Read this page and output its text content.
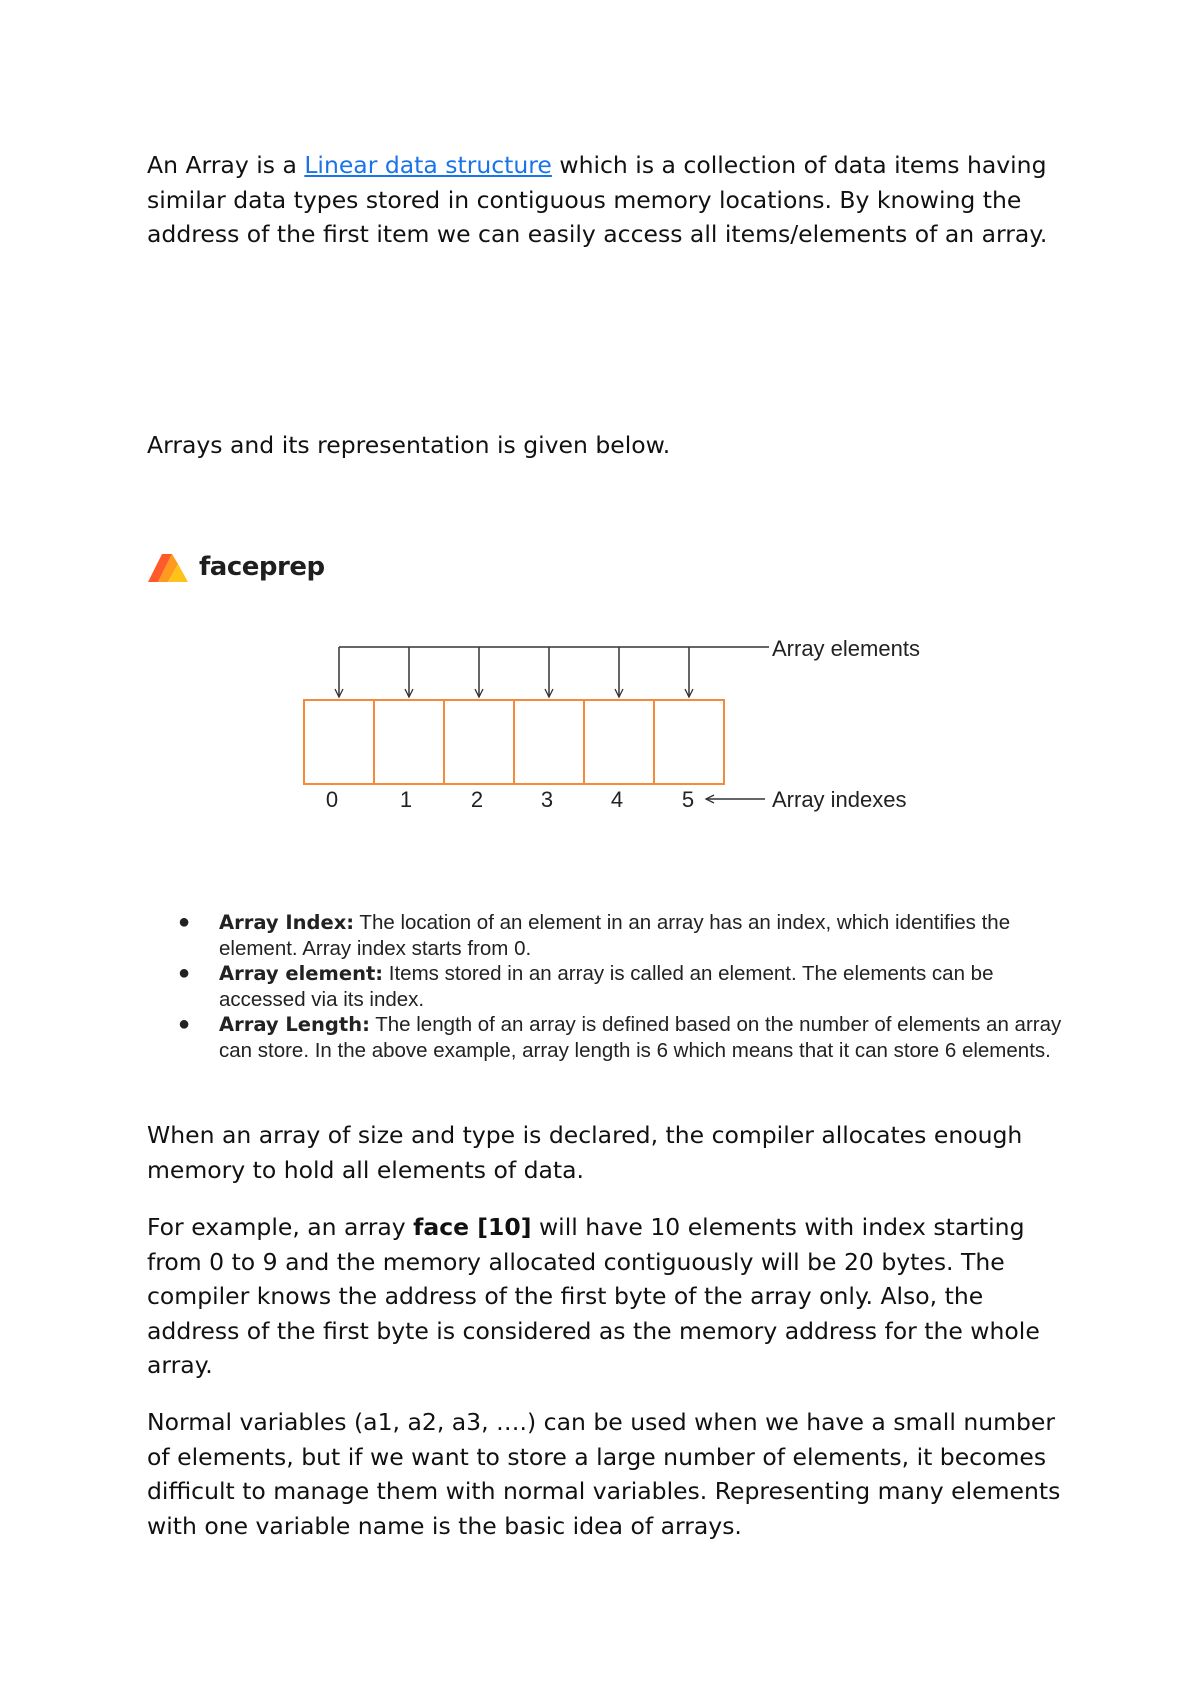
An Array is a Linear data structure which is a collection of data items having similar data types stored in contiguous memory locations. By knowing the address of the first item we can easily access all items/elements of an array.

Arrays and its representation is given below.

faceprep
0	1	2	3	4	5
Array elements
Array indexes
● Array Index: The location of an element in an array has an index, which identifies the element. Array index starts from 0.
● Array element: Items stored in an array is called an element. The elements can be accessed via its index.
● Array Length: The length of an array is defined based on the number of elements an array can store. In the above example, array length is 6 which means that it can store 6 elements.

When an array of size and type is declared, the compiler allocates enough memory to hold all elements of data.

For example, an array face [10] will have 10 elements with index starting from 0 to 9 and the memory allocated contiguously will be 20 bytes. The compiler knows the address of the first byte of the array only. Also, the address of the first byte is considered as the memory address for the whole array.

Normal variables (a1, a2, a3, ….) can be used when we have a small number of elements, but if we want to store a large number of elements, it becomes difficult to manage them with normal variables. Representing many elements with one variable name is the basic idea of arrays.
